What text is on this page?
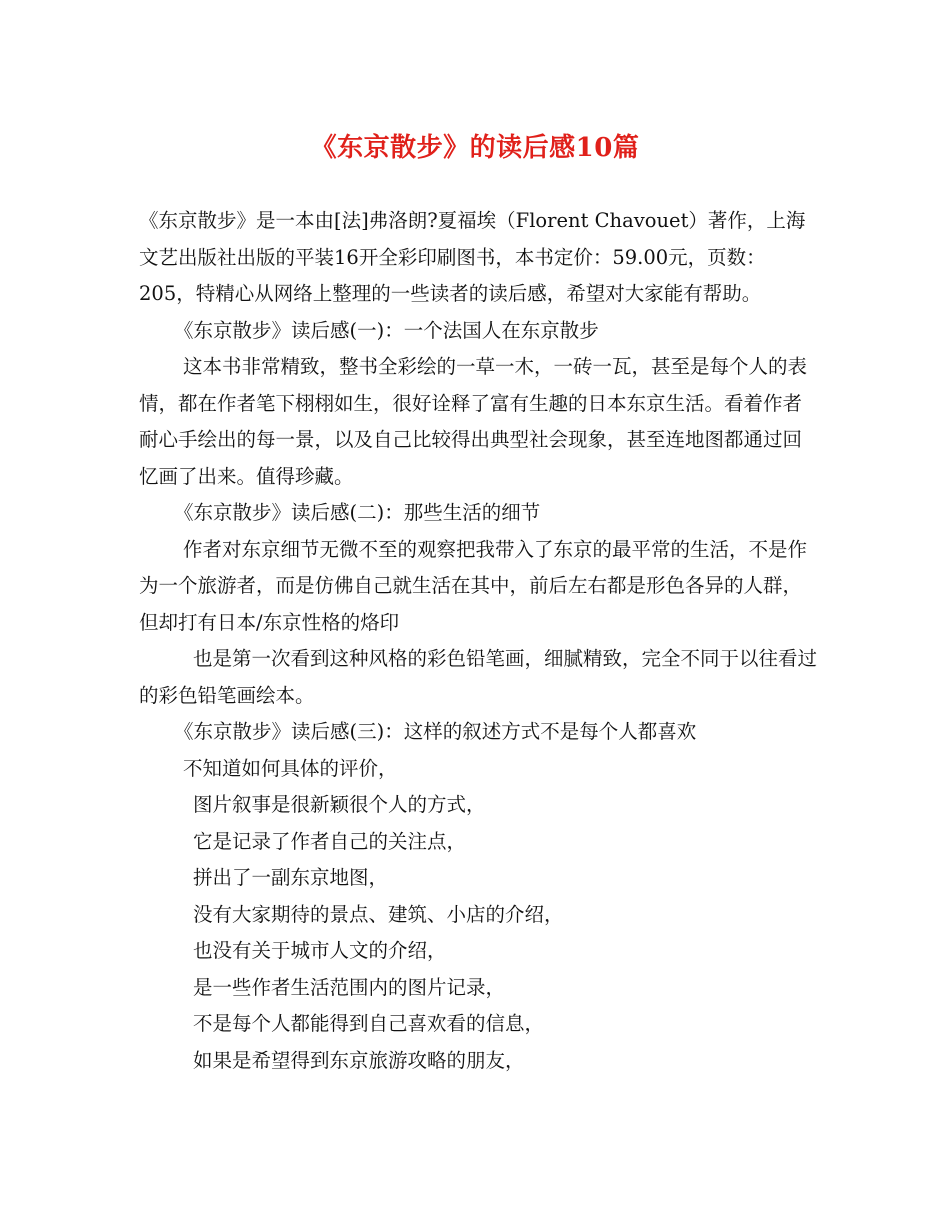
《东京散步》的读后感10篇

《东京散步》是一本由[法]弗洛朗?夏福埃（Florent Chavouet）著作，上海文艺出版社出版的平装16开全彩印刷图书，本书定价：59.00元，页数：205，特精心从网络上整理的一些读者的读后感，希望对大家能有帮助。

《东京散步》读后感(一)：一个法国人在东京散步

这本书非常精致，整书全彩绘的一草一木，一砖一瓦，甚至是每个人的表情，都在作者笔下栩栩如生，很好诠释了富有生趣的日本东京生活。看着作者耐心手绘出的每一景，以及自己比较得出典型社会现象，甚至连地图都通过回忆画了出来。值得珍藏。

《东京散步》读后感(二)：那些生活的细节

作者对东京细节无微不至的观察把我带入了东京的最平常的生活，不是作为一个旅游者，而是仿佛自己就生活在其中，前后左右都是形色各异的人群，但却打有日本/东京性格的烙印

也是第一次看到这种风格的彩色铅笔画，细腻精致，完全不同于以往看过的彩色铅笔画绘本。

《东京散步》读后感(三)：这样的叙述方式不是每个人都喜欢

不知道如何具体的评价，

图片叙事是很新颖很个人的方式，

它是记录了作者自己的关注点，

拼出了一副东京地图，

没有大家期待的景点、建筑、小店的介绍，

也没有关于城市人文的介绍，

是一些作者生活范围内的图片记录，

不是每个人都能得到自己喜欢看的信息，

如果是希望得到东京旅游攻略的朋友，
